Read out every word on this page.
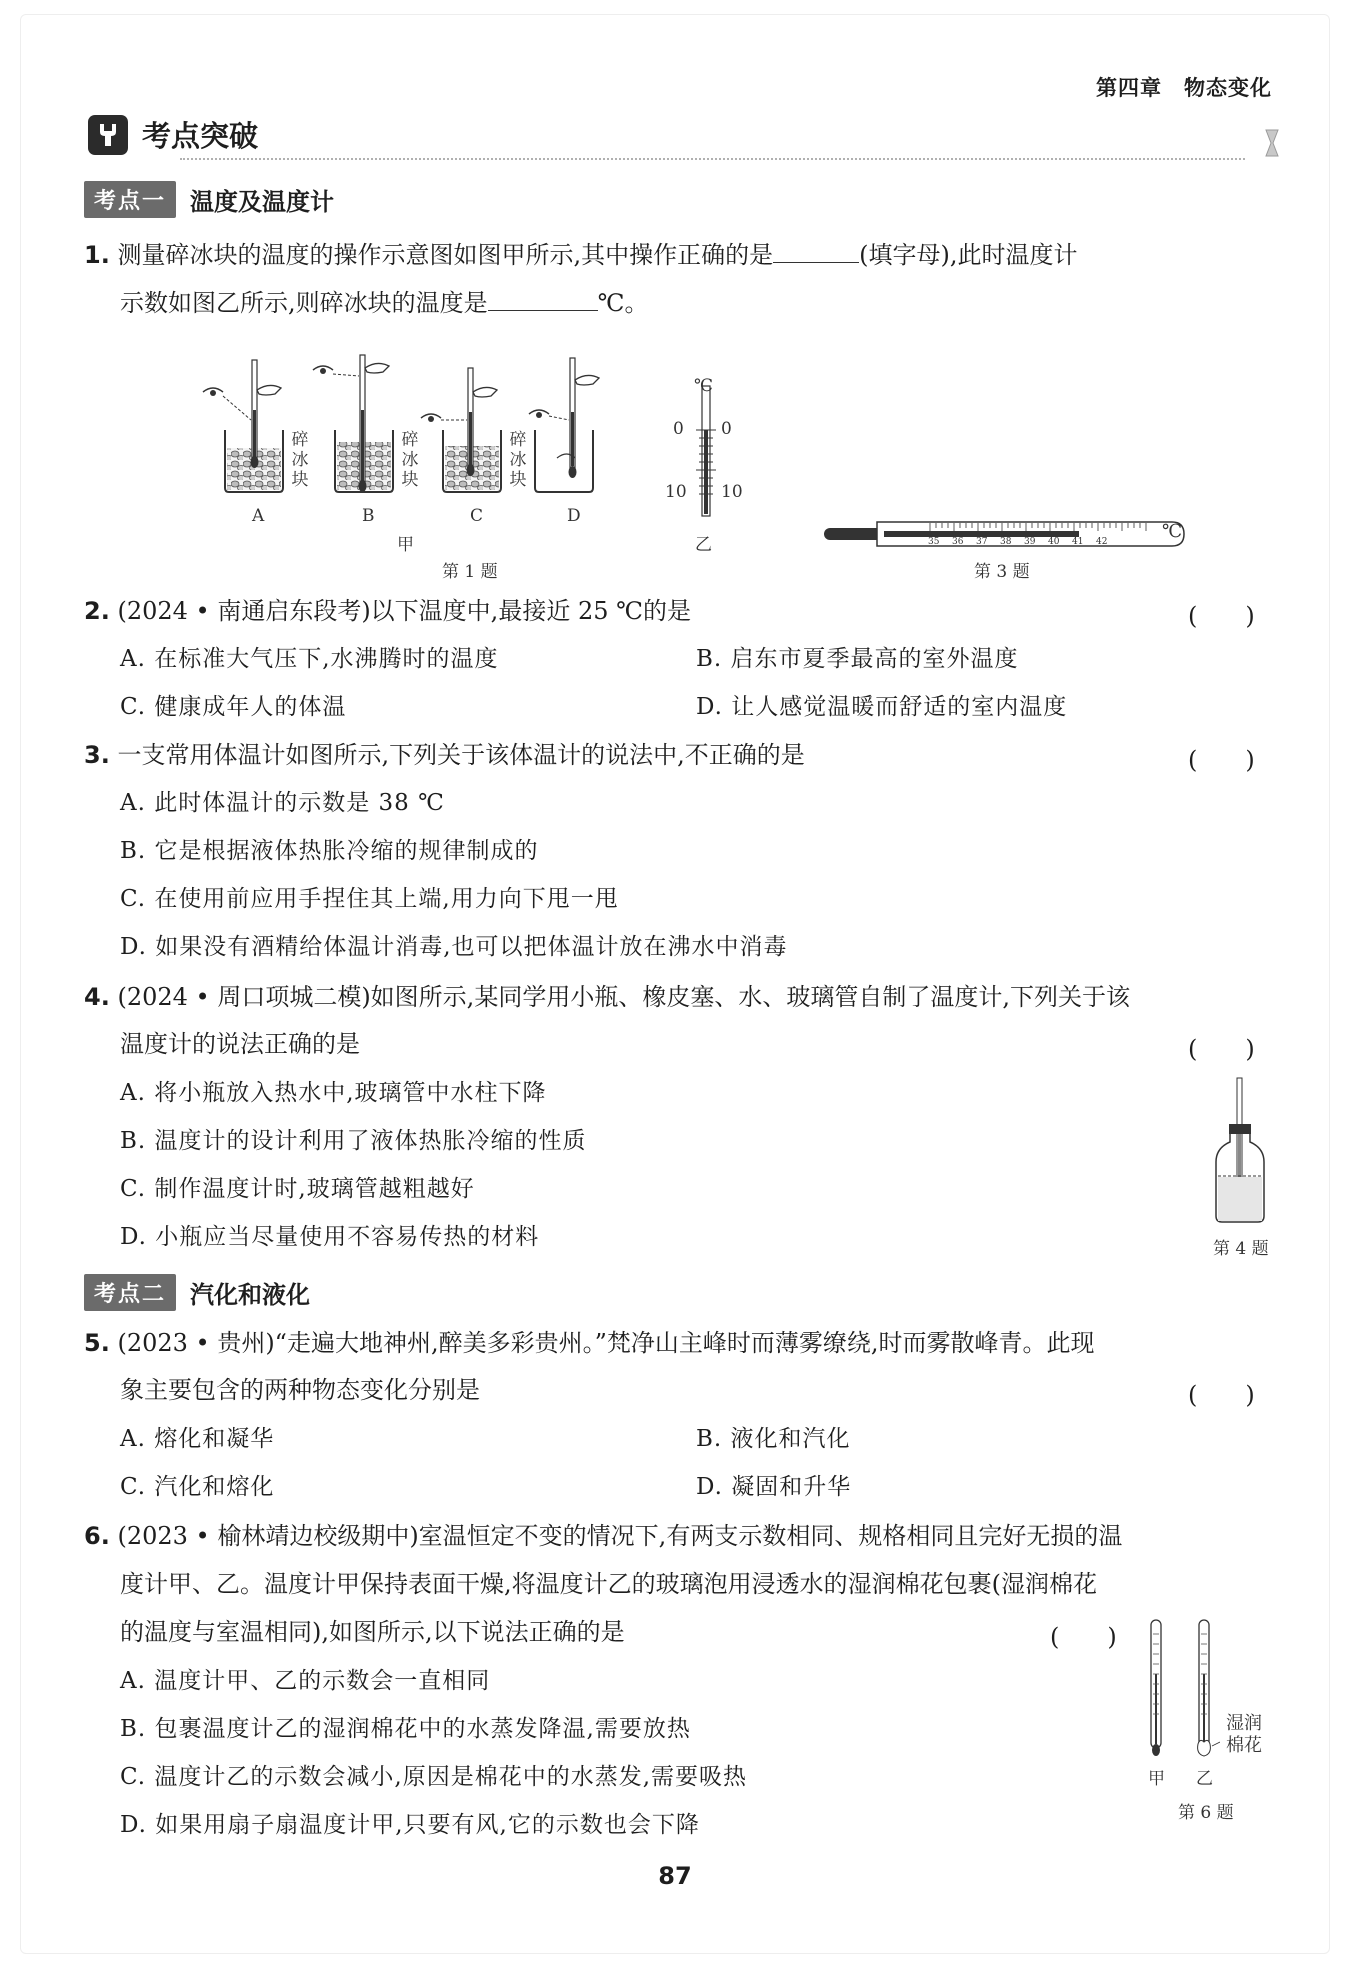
第四章　物态变化
考点突破
考点一	温度及温度计
1. 测量碎冰块的温度的操作示意图如图甲所示,其中操作正确的是	(填字母),此时温度计
示数如图乙所示,则碎冰块的温度是	℃。
碎
冰
块
碎
冰
块
碎
冰
块
A	B	C	D
甲
第 1 题
℃
0 0
10 10
乙	35 36 37 38 39 40 41 42	℃
第 3 题
2. (2024 • 南通启东段考)以下温度中,最接近 25 ℃的是	(　　)
A. 在标准大气压下,水沸腾时的温度	B. 启东市夏季最高的室外温度
C. 健康成年人的体温	D. 让人感觉温暖而舒适的室内温度
3. 一支常用体温计如图所示,下列关于该体温计的说法中,不正确的是	(　　)
A. 此时体温计的示数是 38 ℃
B. 它是根据液体热胀冷缩的规律制成的
C. 在使用前应用手捏住其上端,用力向下甩一甩
D. 如果没有酒精给体温计消毒,也可以把体温计放在沸水中消毒
4. (2024 • 周口项城二模)如图所示,某同学用小瓶、橡皮塞、水、玻璃管自制了温度计,下列关于该
温度计的说法正确的是	(　　)
A. 将小瓶放入热水中,玻璃管中水柱下降
B. 温度计的设计利用了液体热胀冷缩的性质
C. 制作温度计时,玻璃管越粗越好
D. 小瓶应当尽量使用不容易传热的材料	第 4 题
考点二	汽化和液化
5. (2023 • 贵州)“走遍大地神州,醉美多彩贵州。”梵净山主峰时而薄雾缭绕,时而雾散峰青。此现
象主要包含的两种物态变化分别是	(　　)
A. 熔化和凝华	B. 液化和汽化
C. 汽化和熔化	D. 凝固和升华
6. (2023 • 榆林靖边校级期中)室温恒定不变的情况下,有两支示数相同、规格相同且完好无损的温
度计甲、乙。温度计甲保持表面干燥,将温度计乙的玻璃泡用浸透水的湿润棉花包裹(湿润棉花
的温度与室温相同),如图所示,以下说法正确的是	(　　)
A. 温度计甲、乙的示数会一直相同
B. 包裹温度计乙的湿润棉花中的水蒸发降温,需要放热
C. 温度计乙的示数会减小,原因是棉花中的水蒸发,需要吸热
D. 如果用扇子扇温度计甲,只要有风,它的示数也会下降
湿润
棉花
甲 乙
第 6 题
87
